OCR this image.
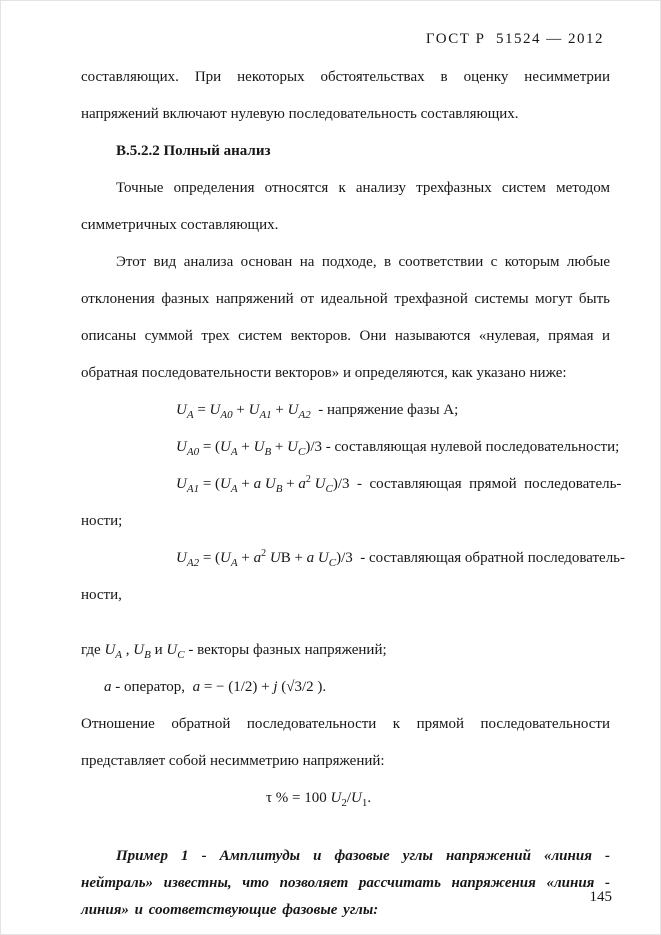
ГОСТ Р  51524 — 2012

составляющих. При некоторых обстоятельствах в оценку несимметрии напряжений включают нулевую последовательность составляющих.

В.5.2.2 Полный анализ

Точные определения относятся к анализу трехфазных систем методом симметричных составляющих.

Этот вид анализа основан на подходе, в соответствии с которым любые отклонения фазных напряжений от идеальной трехфазной системы могут быть описаны суммой трех систем векторов. Они называются «нулевая, прямая и обратная последовательности векторов» и определяются, как указано ниже:

$U_A = U_{A0} + U_{A1} + U_{A2}$  - напряжение фазы A;
$U_{A0} = (U_A + U_B + U_C)/3$ - составляющая нулевой последовательности;
$U_{A1} = (U_A + a$ $U_B + a^2$ $U_C)/3$  -  составляющая  прямой  последователь-
ности;
$U_{A2} = (U_A + a^2$ UB + a $U_C)/3$  - составляющая обратной последователь-
ности,
где $U_A$ , $U_B$ и $U_C$ - векторы фазных напряжений;
a - оператор,  a = − (1/2) + j (√3/2 ).

Отношение обратной последовательности к прямой последовательности представляет собой несимметрию напряжений:

τ % = 100 $U_2/U_1$.

Пример 1 - Амплитуды и фазовые углы напряжений «линия - нейтраль» известны, что позволяет рассчитать напряжения «линия - линия» и соответствующие фазовые углы:

145
